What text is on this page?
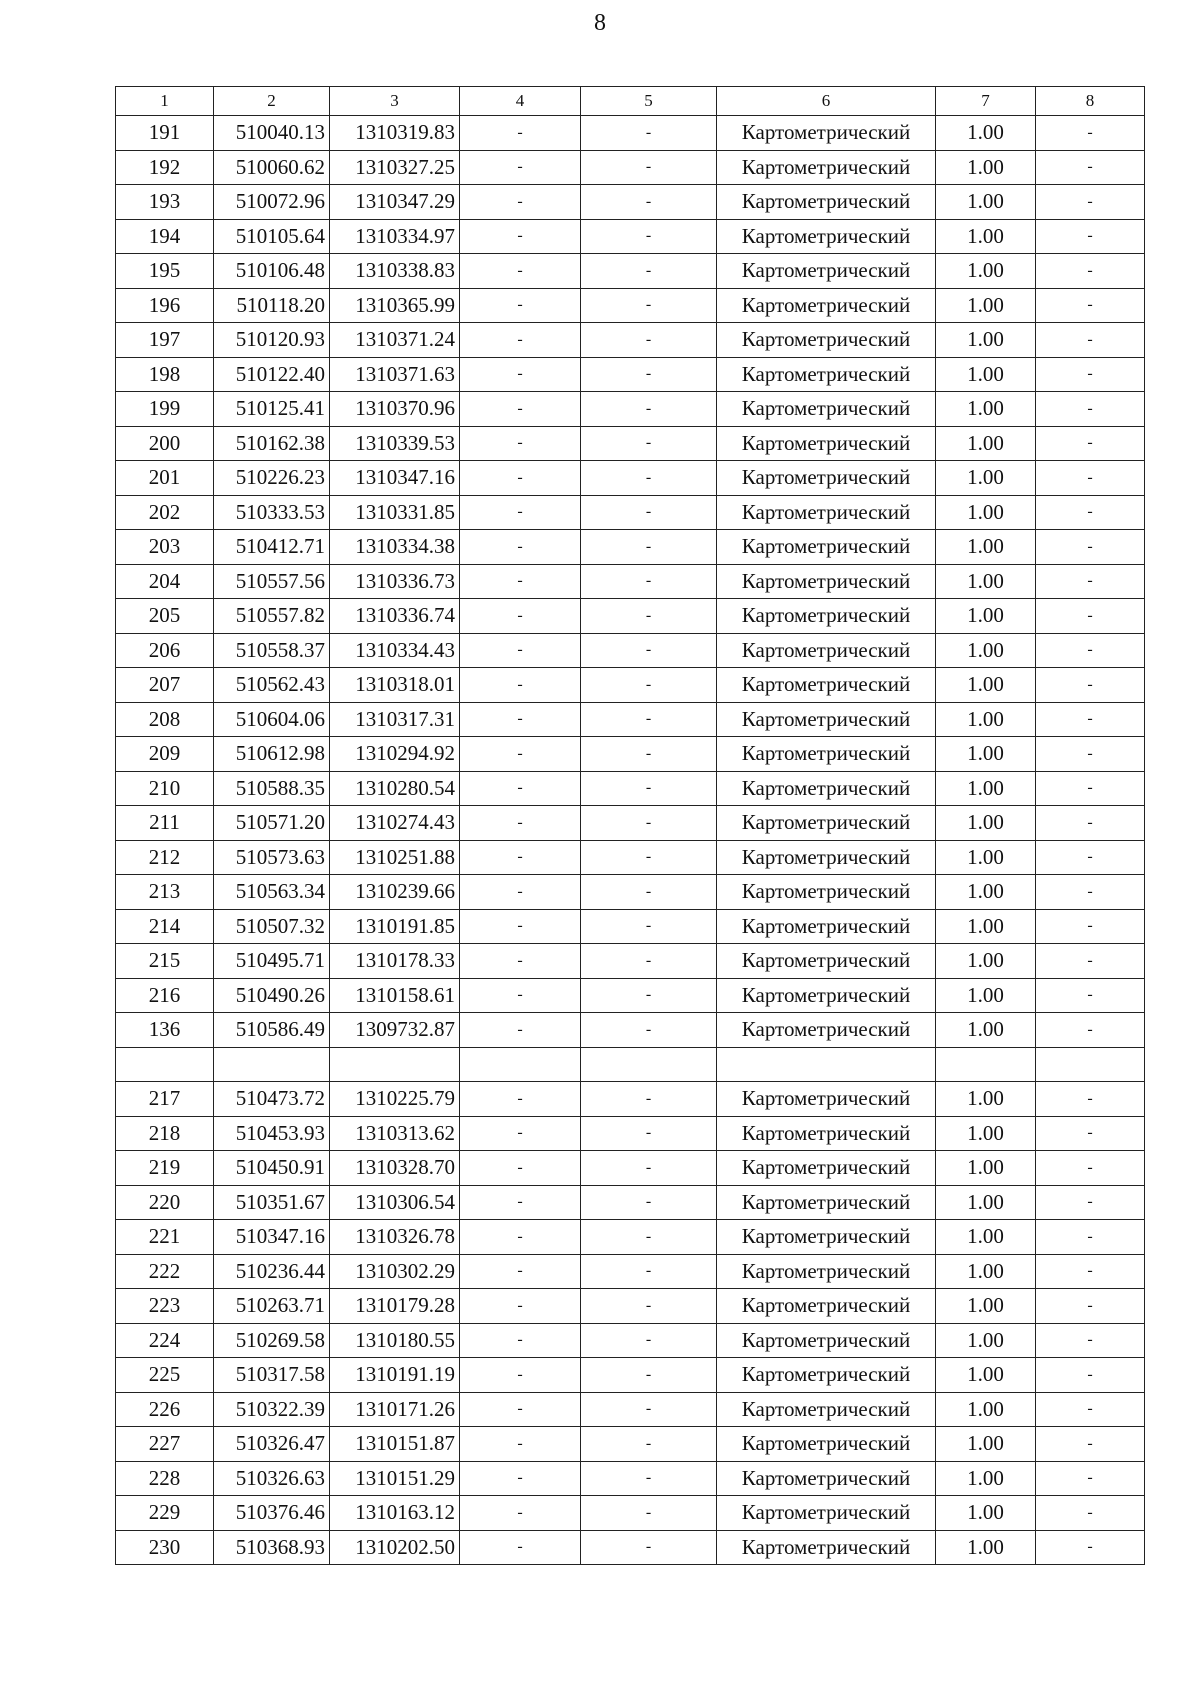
8
1	2	3	4	5	6	7	8
191	510040.13	1310319.83	-	-	Картометрический	1.00	-
192	510060.62	1310327.25	-	-	Картометрический	1.00	-
193	510072.96	1310347.29	-	-	Картометрический	1.00	-
194	510105.64	1310334.97	-	-	Картометрический	1.00	-
195	510106.48	1310338.83	-	-	Картометрический	1.00	-
196	510118.20	1310365.99	-	-	Картометрический	1.00	-
197	510120.93	1310371.24	-	-	Картометрический	1.00	-
198	510122.40	1310371.63	-	-	Картометрический	1.00	-
199	510125.41	1310370.96	-	-	Картометрический	1.00	-
200	510162.38	1310339.53	-	-	Картометрический	1.00	-
201	510226.23	1310347.16	-	-	Картометрический	1.00	-
202	510333.53	1310331.85	-	-	Картометрический	1.00	-
203	510412.71	1310334.38	-	-	Картометрический	1.00	-
204	510557.56	1310336.73	-	-	Картометрический	1.00	-
205	510557.82	1310336.74	-	-	Картометрический	1.00	-
206	510558.37	1310334.43	-	-	Картометрический	1.00	-
207	510562.43	1310318.01	-	-	Картометрический	1.00	-
208	510604.06	1310317.31	-	-	Картометрический	1.00	-
209	510612.98	1310294.92	-	-	Картометрический	1.00	-
210	510588.35	1310280.54	-	-	Картометрический	1.00	-
211	510571.20	1310274.43	-	-	Картометрический	1.00	-
212	510573.63	1310251.88	-	-	Картометрический	1.00	-
213	510563.34	1310239.66	-	-	Картометрический	1.00	-
214	510507.32	1310191.85	-	-	Картометрический	1.00	-
215	510495.71	1310178.33	-	-	Картометрический	1.00	-
216	510490.26	1310158.61	-	-	Картометрический	1.00	-
136	510586.49	1309732.87	-	-	Картометрический	1.00	-

217	510473.72	1310225.79	-	-	Картометрический	1.00	-
218	510453.93	1310313.62	-	-	Картометрический	1.00	-
219	510450.91	1310328.70	-	-	Картометрический	1.00	-
220	510351.67	1310306.54	-	-	Картометрический	1.00	-
221	510347.16	1310326.78	-	-	Картометрический	1.00	-
222	510236.44	1310302.29	-	-	Картометрический	1.00	-
223	510263.71	1310179.28	-	-	Картометрический	1.00	-
224	510269.58	1310180.55	-	-	Картометрический	1.00	-
225	510317.58	1310191.19	-	-	Картометрический	1.00	-
226	510322.39	1310171.26	-	-	Картометрический	1.00	-
227	510326.47	1310151.87	-	-	Картометрический	1.00	-
228	510326.63	1310151.29	-	-	Картометрический	1.00	-
229	510376.46	1310163.12	-	-	Картометрический	1.00	-
230	510368.93	1310202.50	-	-	Картометрический	1.00	-
